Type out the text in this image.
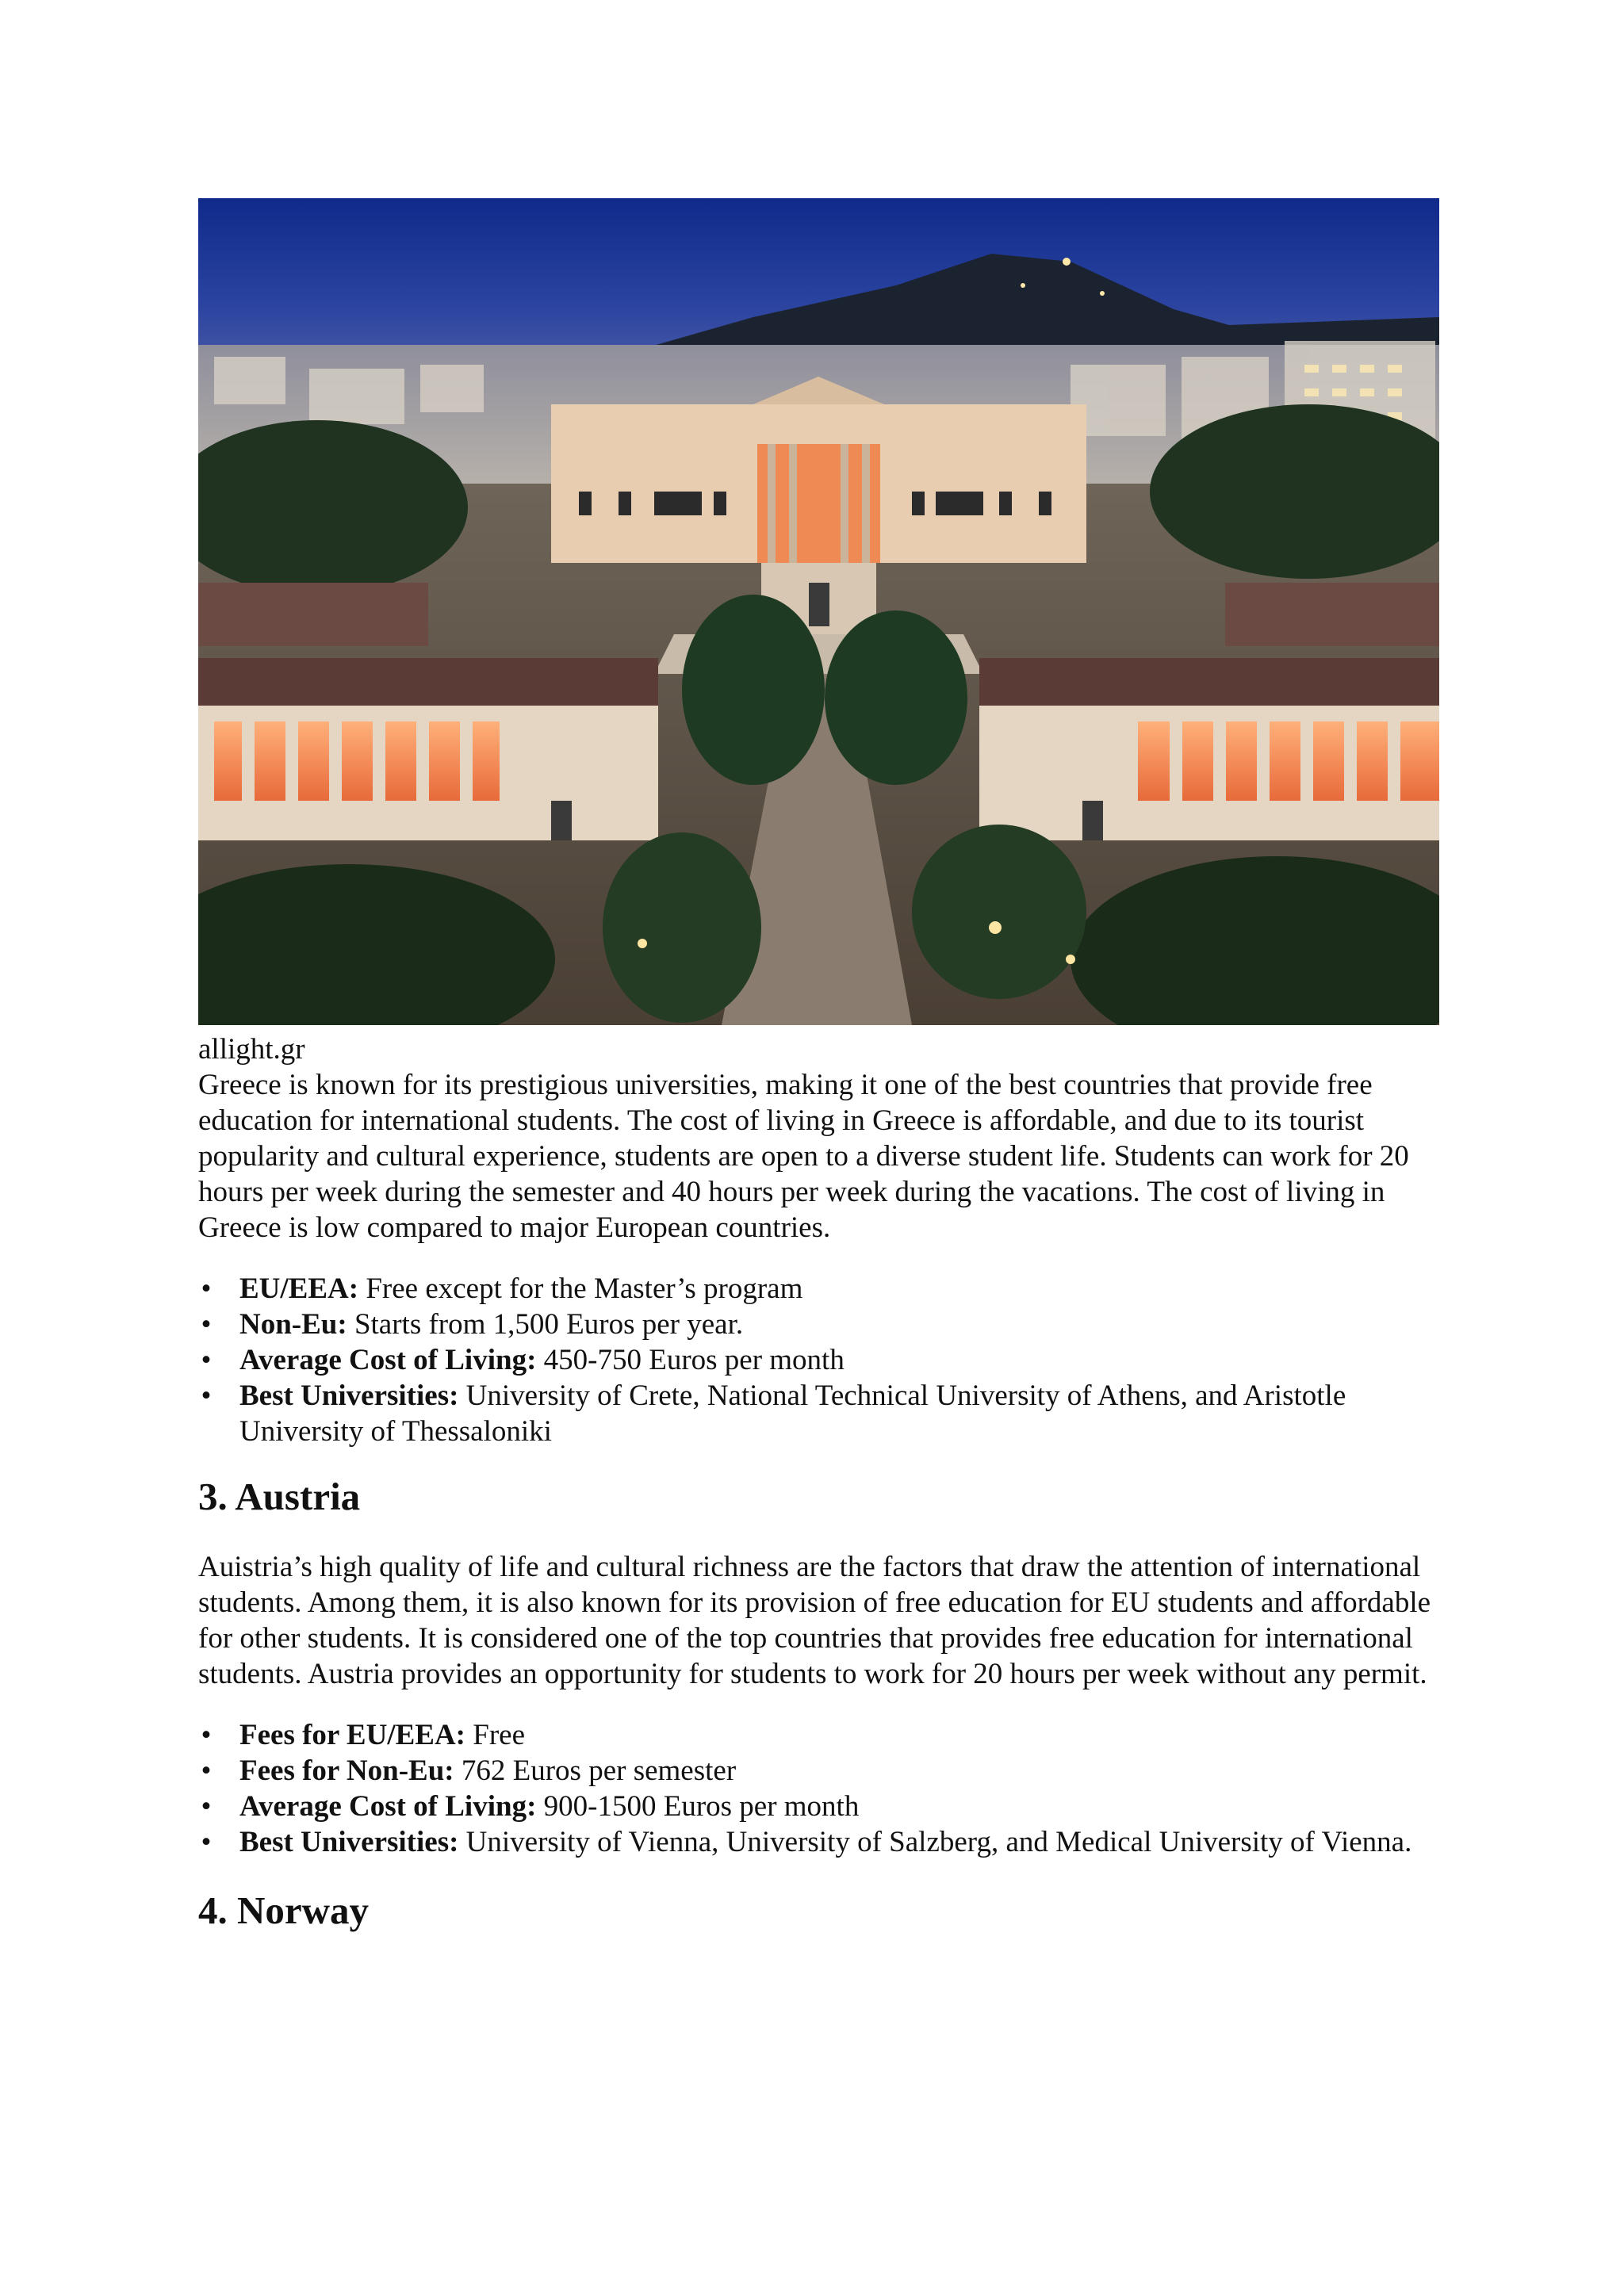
allight.gr

Greece is known for its prestigious universities, making it one of the best countries that provide free education for international students. The cost of living in Greece is affordable, and due to its tourist popularity and cultural experience, students are open to a diverse student life. Students can work for 20 hours per week during the semester and 40 hours per week during the vacations. The cost of living in Greece is low compared to major European countries.

• EU/EEA: Free except for the Master’s program
• Non-Eu: Starts from 1,500 Euros per year.
• Average Cost of Living: 450-750 Euros per month
• Best Universities: University of Crete, National Technical University of Athens, and Aristotle University of Thessaloniki
3. Austria

Auistria’s high quality of life and cultural richness are the factors that draw the attention of international students. Among them, it is also known for its provision of free education for EU students and affordable for other students. It is considered one of the top countries that provides free education for international students. Austria provides an opportunity for students to work for 20 hours per week without any permit.

• Fees for EU/EEA: Free
• Fees for Non-Eu: 762 Euros per semester
• Average Cost of Living: 900-1500 Euros per month
• Best Universities: University of Vienna, University of Salzberg, and Medical University of Vienna.
4. Norway
